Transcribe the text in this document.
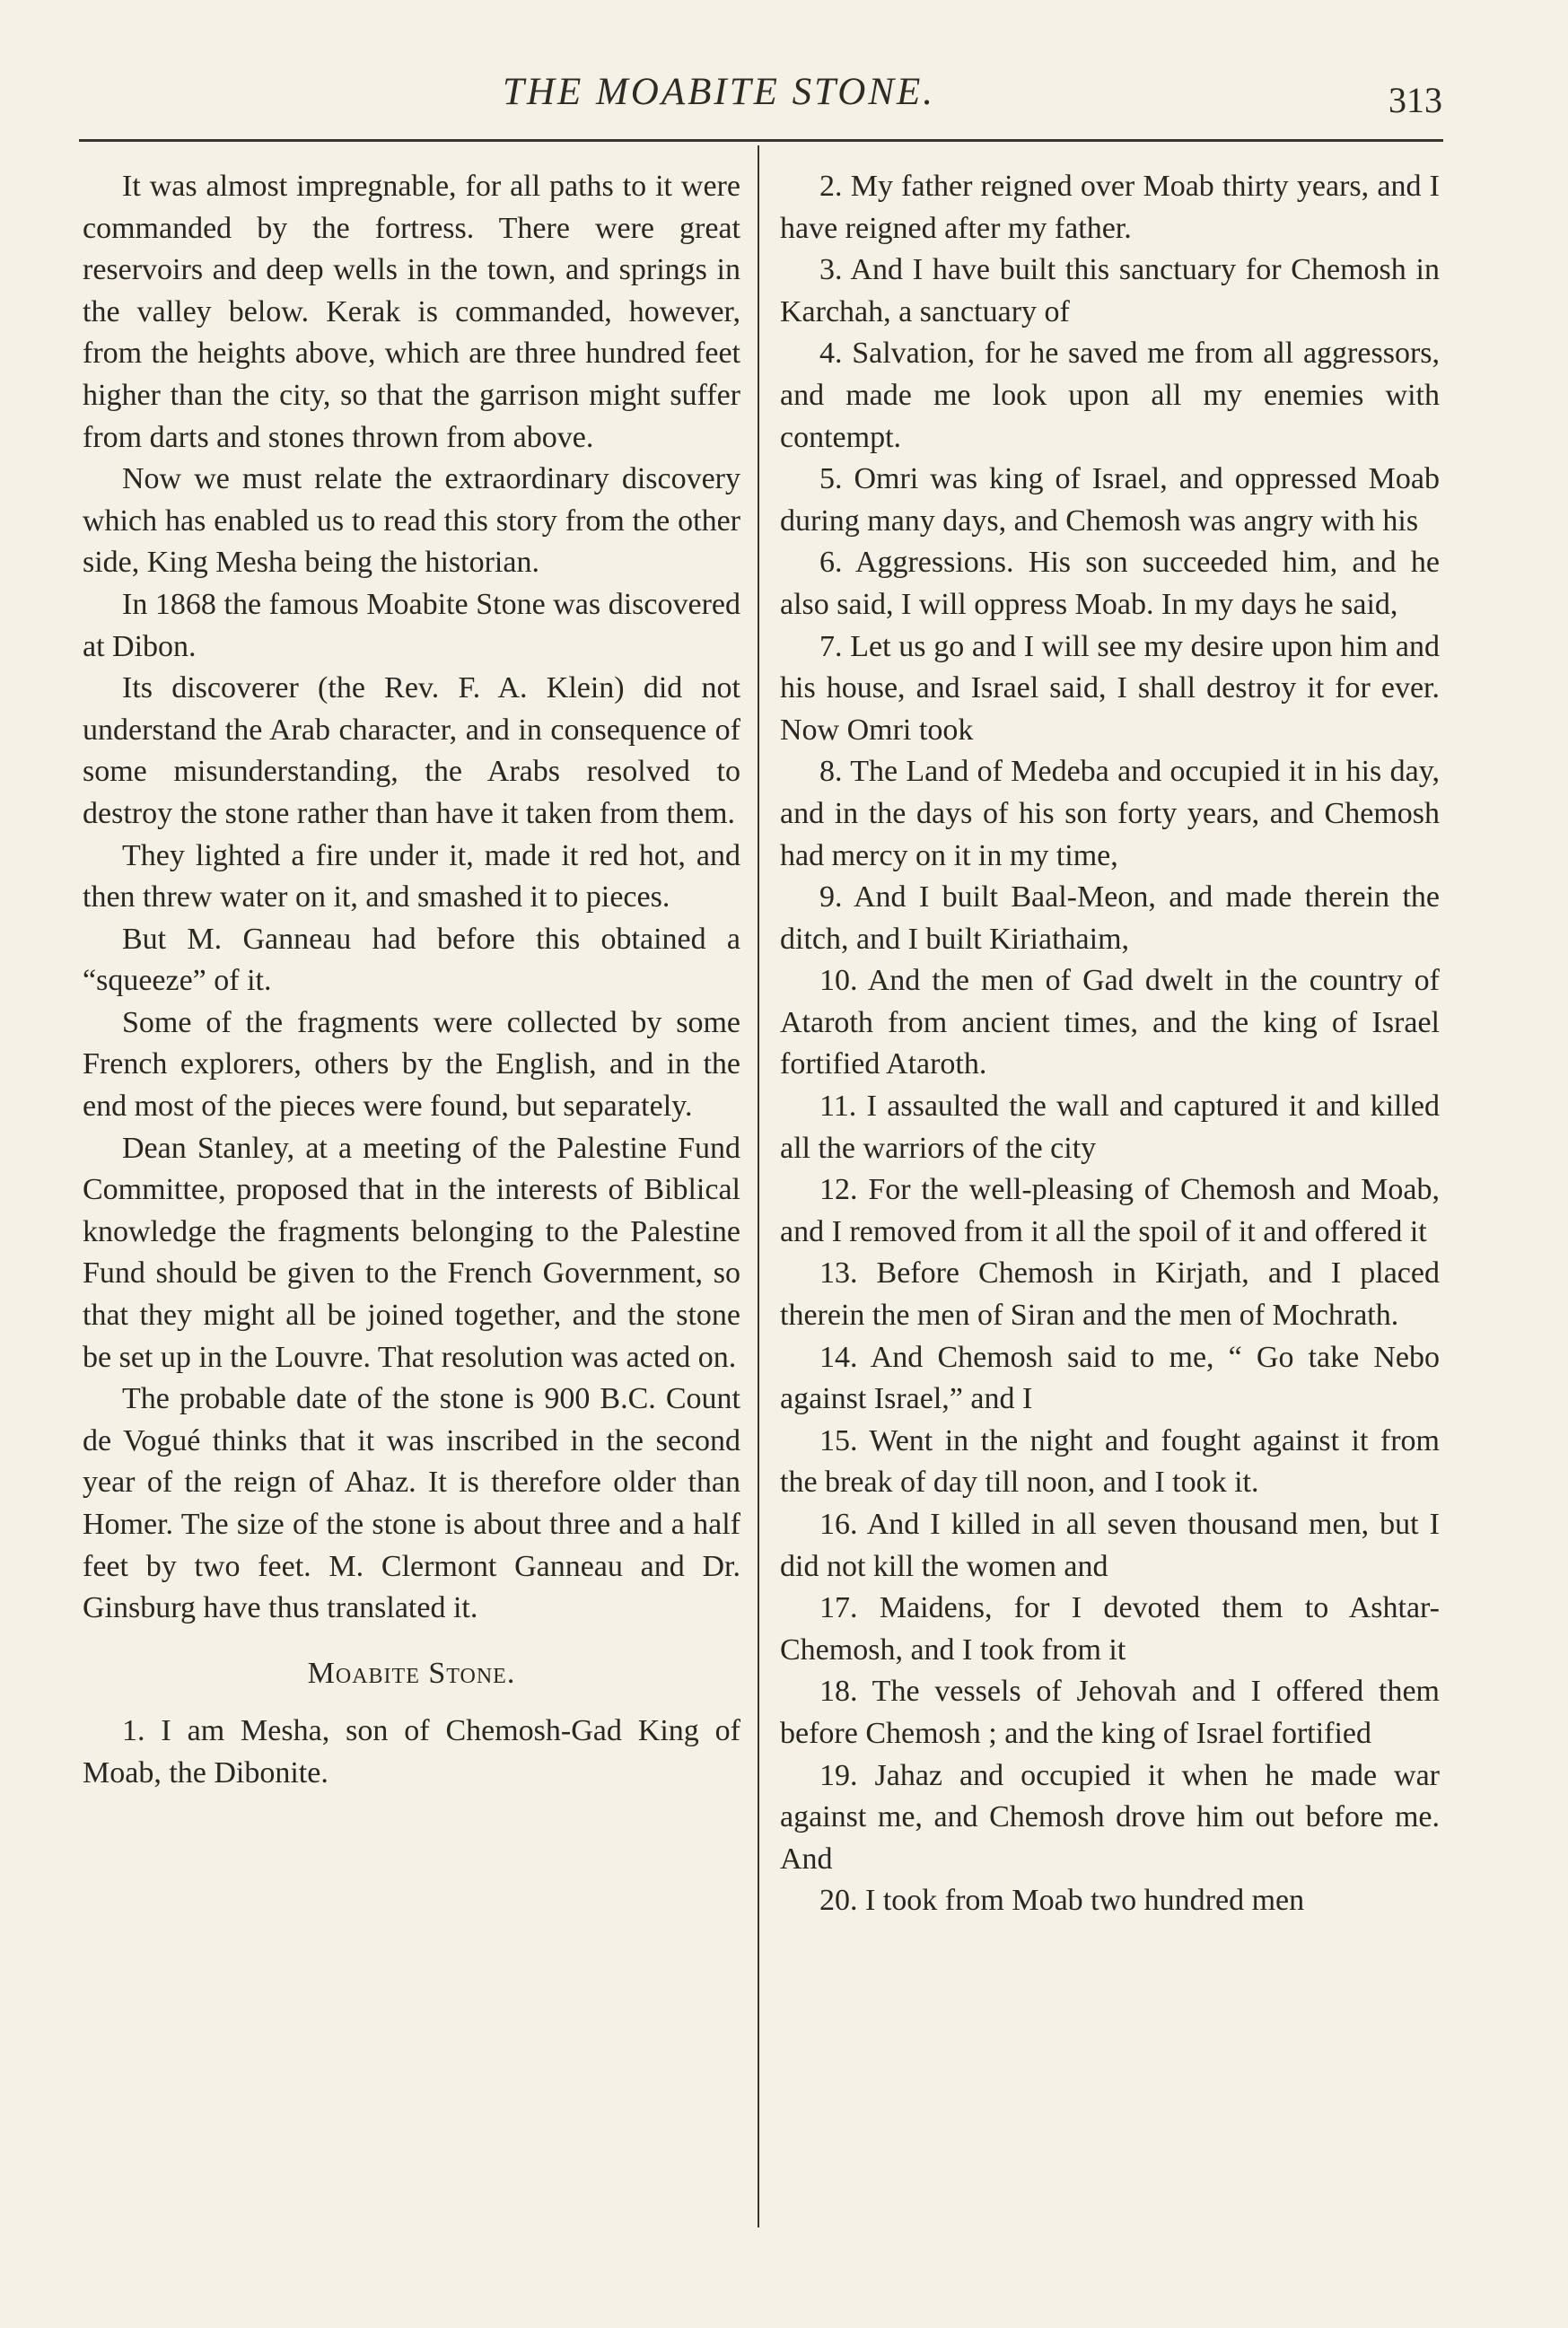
THE MOABITE STONE.	313

It was almost impregnable, for all paths to it were commanded by the fortress. There were great reservoirs and deep wells in the town, and springs in the valley below. Kerak is commanded, however, from the heights above, which are three hundred feet higher than the city, so that the garrison might suffer from darts and stones thrown from above.

Now we must relate the extraordinary discovery which has enabled us to read this story from the other side, King Mesha being the historian.

In 1868 the famous Moabite Stone was discovered at Dibon.

Its discoverer (the Rev. F. A. Klein) did not understand the Arab character, and in consequence of some misunderstanding, the Arabs resolved to destroy the stone rather than have it taken from them.

They lighted a fire under it, made it red hot, and then threw water on it, and smashed it to pieces.

But M. Ganneau had before this obtained a “squeeze” of it.

Some of the fragments were collected by some French explorers, others by the English, and in the end most of the pieces were found, but separately.

Dean Stanley, at a meeting of the Palestine Fund Committee, proposed that in the interests of Biblical knowledge the fragments belonging to the Palestine Fund should be given to the French Government, so that they might all be joined together, and the stone be set up in the Louvre. That resolution was acted on.

The probable date of the stone is 900 B.C. Count de Vogué thinks that it was inscribed in the second year of the reign of Ahaz. It is therefore older than Homer. The size of the stone is about three and a half feet by two feet. M. Clermont Ganneau and Dr. Ginsburg have thus translated it.

Moabite Stone.

1. I am Mesha, son of Chemosh-Gad King of Moab, the Dibonite.

2. My father reigned over Moab thirty years, and I have reigned after my father.

3. And I have built this sanctuary for Chemosh in Karchah, a sanctuary of

4. Salvation, for he saved me from all aggressors, and made me look upon all my enemies with contempt.

5. Omri was king of Israel, and oppressed Moab during many days, and Chemosh was angry with his

6. Aggressions. His son succeeded him, and he also said, I will oppress Moab. In my days he said,

7. Let us go and I will see my desire upon him and his house, and Israel said, I shall destroy it for ever. Now Omri took

8. The Land of Medeba and occupied it in his day, and in the days of his son forty years, and Chemosh had mercy on it in my time,

9. And I built Baal-Meon, and made therein the ditch, and I built Kiriathaim,

10. And the men of Gad dwelt in the country of Ataroth from ancient times, and the king of Israel fortified Ataroth.

11. I assaulted the wall and captured it and killed all the warriors of the city

12. For the well-pleasing of Chemosh and Moab, and I removed from it all the spoil of it and offered it

13. Before Chemosh in Kirjath, and I placed therein the men of Siran and the men of Mochrath.

14. And Chemosh said to me, “ Go take Nebo against Israel,” and I

15. Went in the night and fought against it from the break of day till noon, and I took it.

16. And I killed in all seven thousand men, but I did not kill the women and

17. Maidens, for I devoted them to Ashtar-Chemosh, and I took from it

18. The vessels of Jehovah and I offered them before Chemosh ; and the king of Israel fortified

19. Jahaz and occupied it when he made war against me, and Chemosh drove him out before me. And

20. I took from Moab two hundred men
